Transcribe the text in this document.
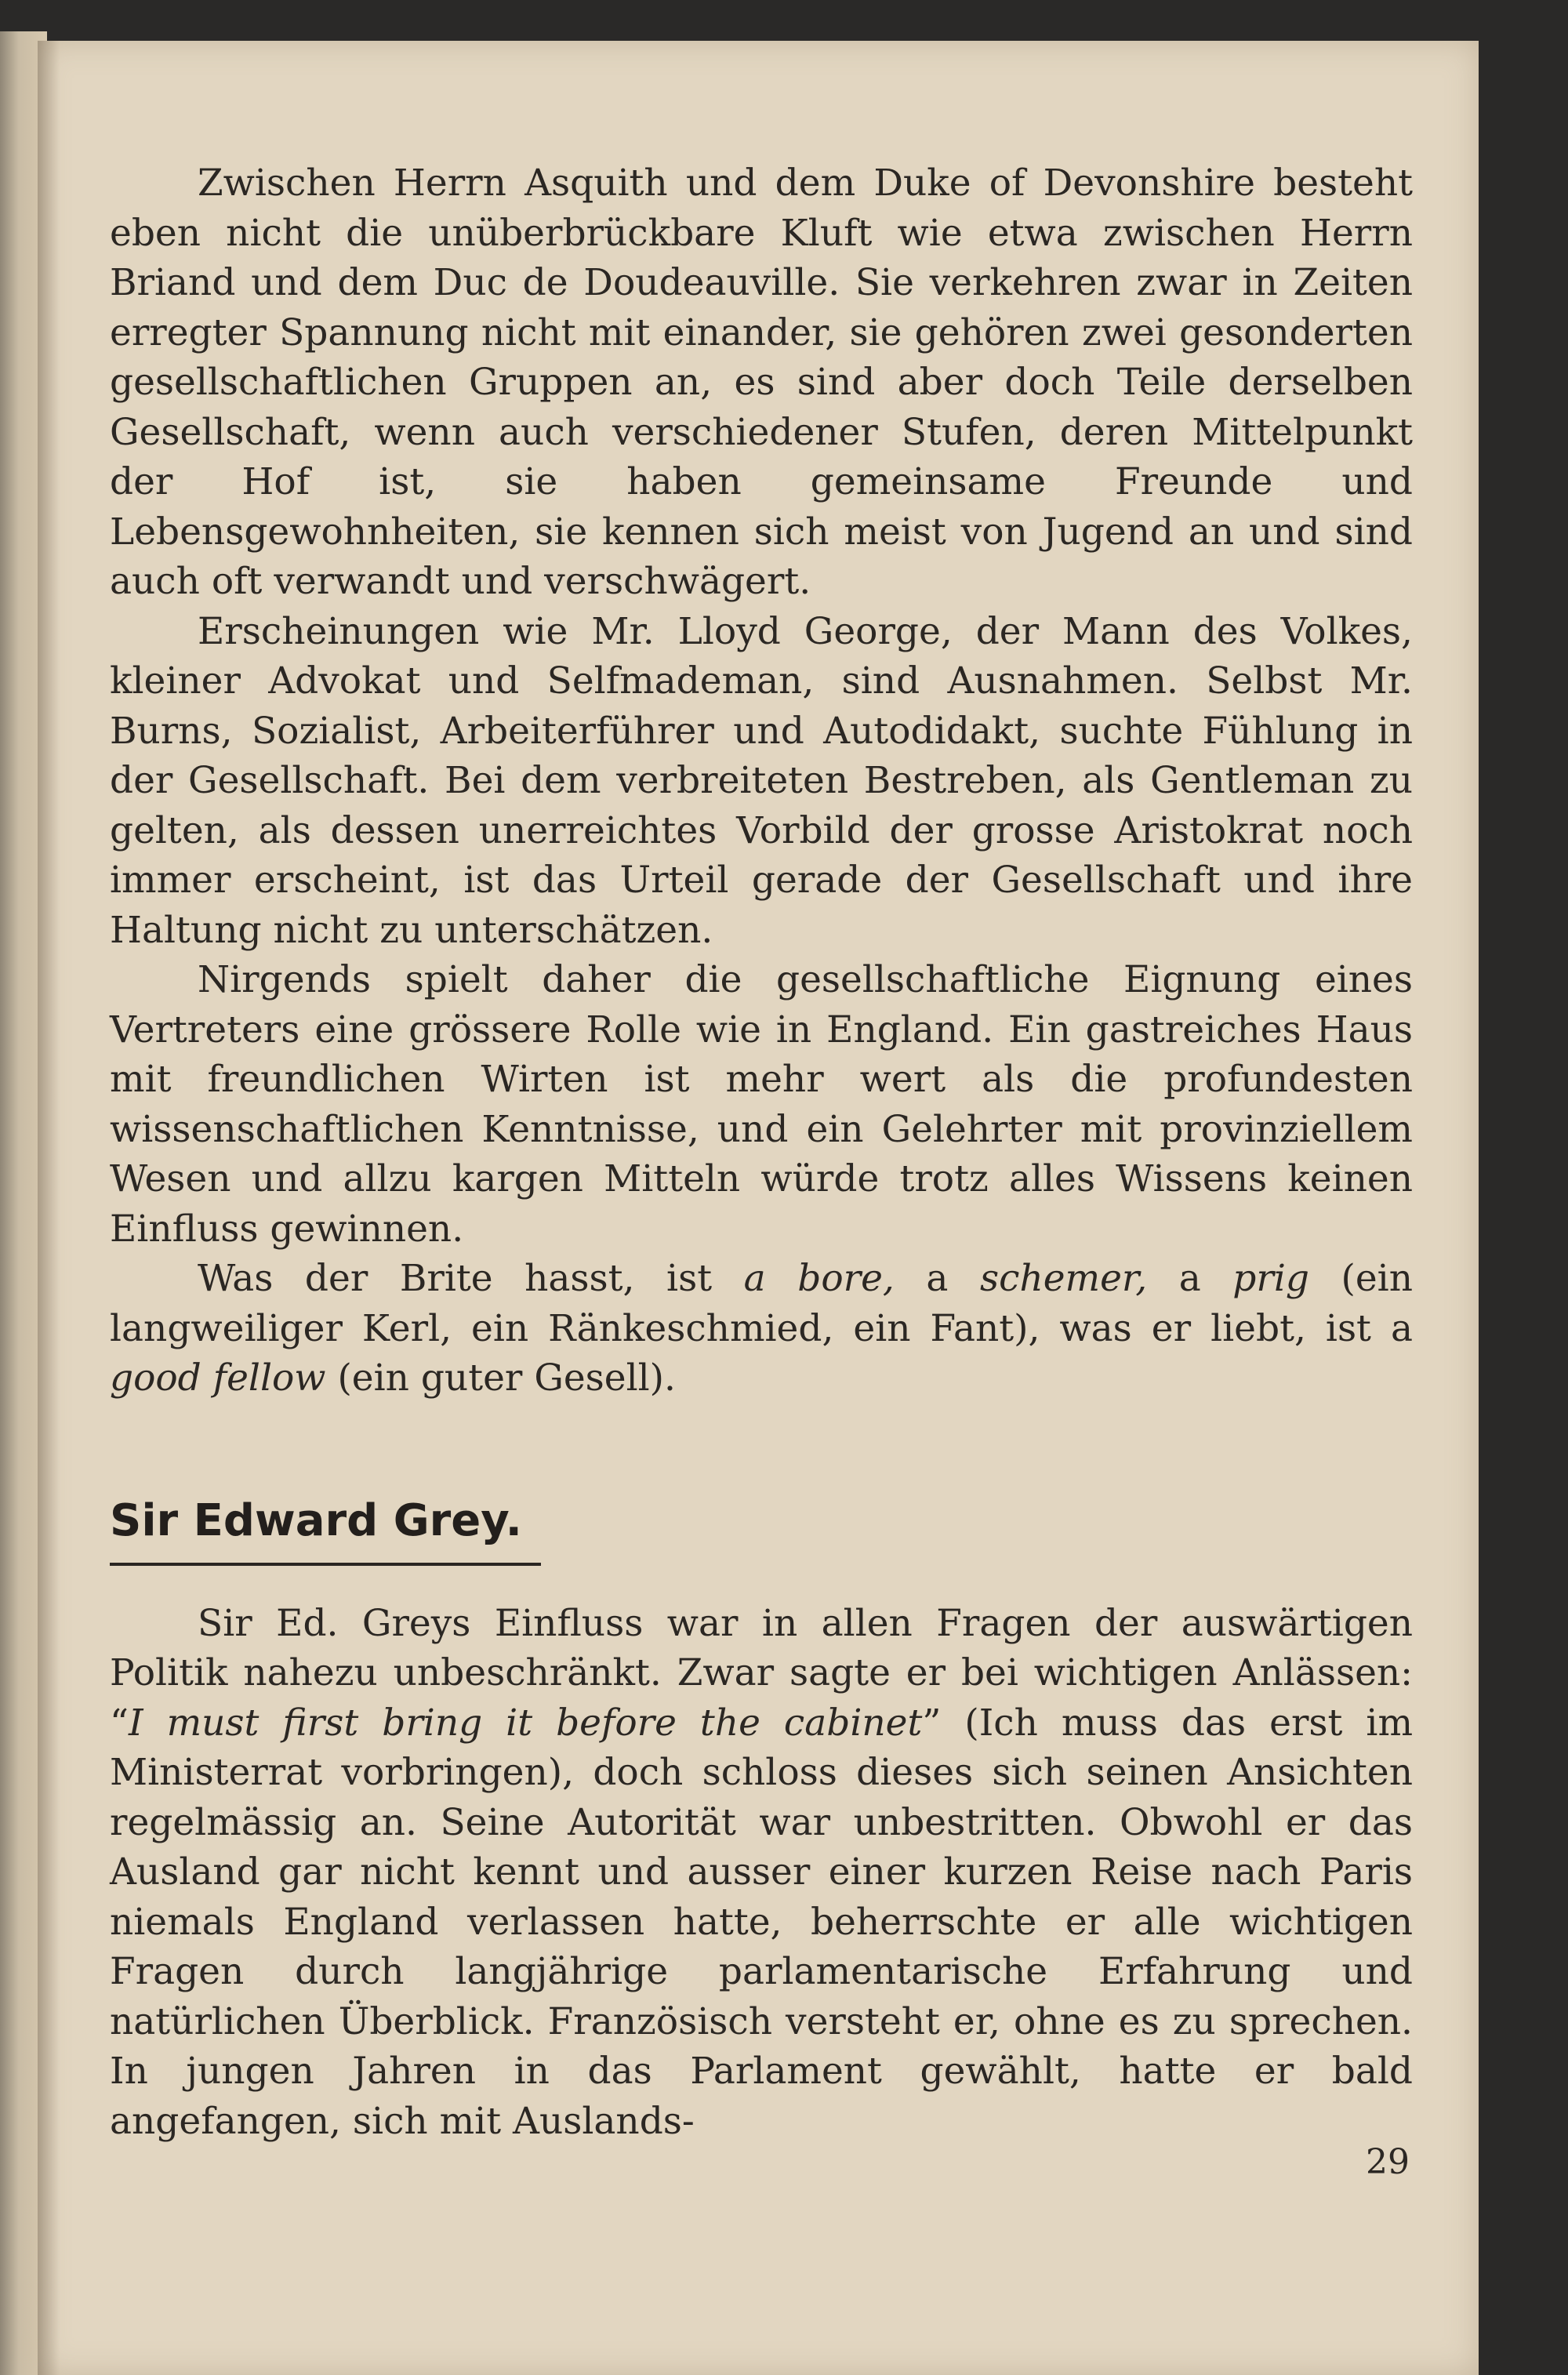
Zwischen Herrn Asquith und dem Duke of Devonshire besteht eben nicht die unüberbrückbare Kluft wie etwa zwischen Herrn Briand und dem Duc de Doudeauville. Sie verkehren zwar in Zeiten erregter Spannung nicht mit einander, sie gehören zwei gesonderten gesellschaftlichen Gruppen an, es sind aber doch Teile derselben Gesellschaft, wenn auch verschiedener Stufen, deren Mittelpunkt der Hof ist, sie haben gemeinsame Freunde und Lebensgewohnheiten, sie kennen sich meist von Jugend an und sind auch oft verwandt und verschwägert.

Erscheinungen wie Mr. Lloyd George, der Mann des Volkes, kleiner Advokat und Selfmademan, sind Ausnahmen. Selbst Mr. Burns, Sozialist, Arbeiterführer und Autodidakt, suchte Fühlung in der Gesellschaft. Bei dem verbreiteten Bestreben, als Gentleman zu gelten, als dessen unerreichtes Vorbild der grosse Aristokrat noch immer erscheint, ist das Urteil gerade der Gesellschaft und ihre Haltung nicht zu unterschätzen.

Nirgends spielt daher die gesellschaftliche Eignung eines Vertreters eine grössere Rolle wie in England. Ein gastreiches Haus mit freundlichen Wirten ist mehr wert als die profundesten wissenschaftlichen Kenntnisse, und ein Gelehrter mit provinziellem Wesen und allzu kargen Mitteln würde trotz alles Wissens keinen Einfluss gewinnen.

Was der Brite hasst, ist a bore, a schemer, a prig (ein langweiliger Kerl, ein Ränkeschmied, ein Fant), was er liebt, ist a good fellow (ein guter Gesell).

Sir Edward Grey.

Sir Ed. Greys Einfluss war in allen Fragen der auswärtigen Politik nahezu unbeschränkt. Zwar sagte er bei wichtigen Anlässen: “I must first bring it before the cabinet” (Ich muss das erst im Ministerrat vorbringen), doch schloss dieses sich seinen Ansichten regelmässig an. Seine Autorität war unbestritten. Obwohl er das Ausland gar nicht kennt und ausser einer kurzen Reise nach Paris niemals England verlassen hatte, beherrschte er alle wichtigen Fragen durch langjährige parlamentarische Erfahrung und natürlichen Überblick. Französisch versteht er, ohne es zu sprechen. In jungen Jahren in das Parlament gewählt, hatte er bald angefangen, sich mit Auslands-

29
